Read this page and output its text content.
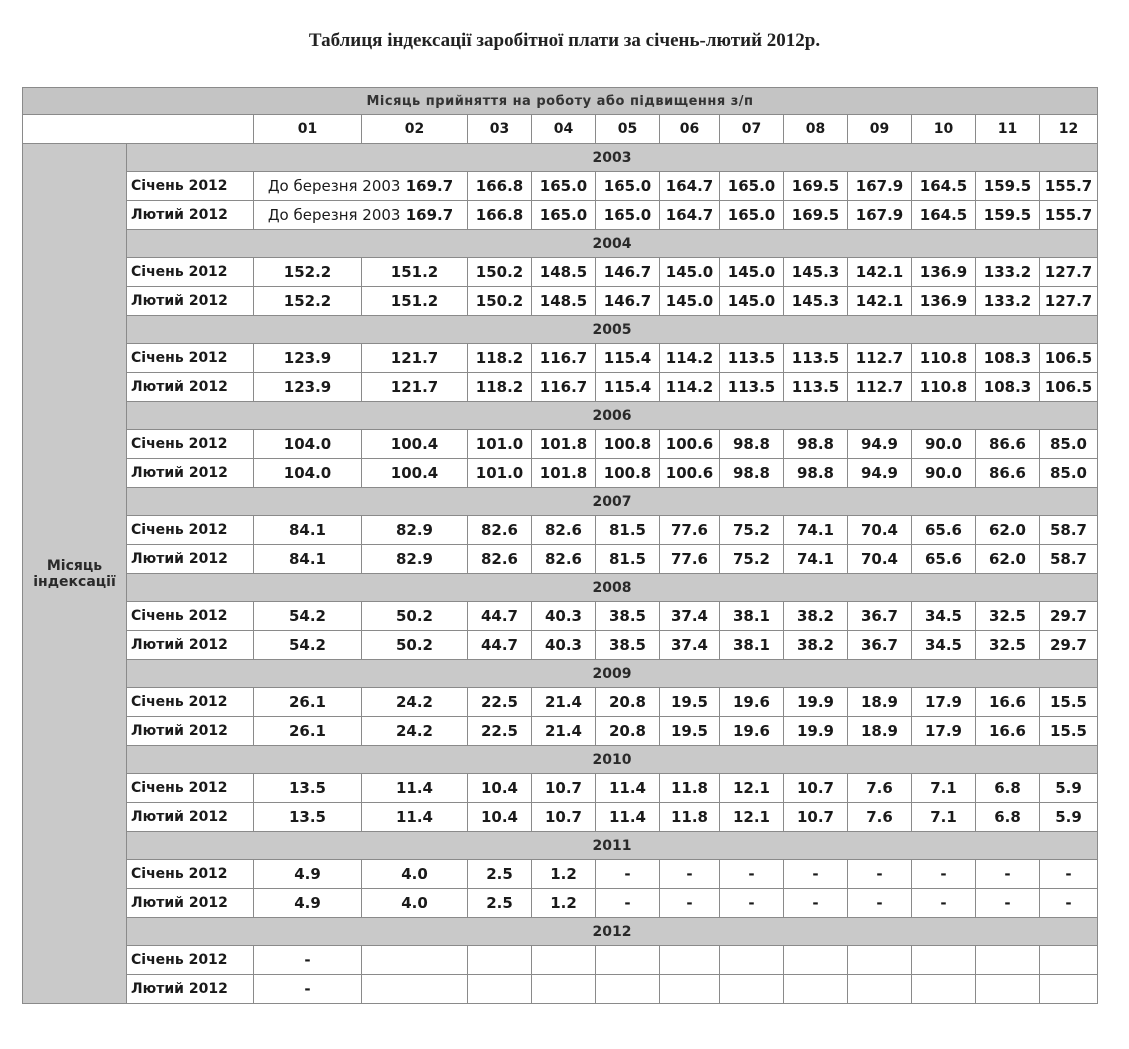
Таблиця індексації заробітної плати за січень-лютий 2012р.
Місяць прийняття на роботу або підвищення з/п													
		01	02	03	04	05	06	07	08	09	10	11	12
Місяць індексації	2003												
	Січень 2012	До березня 2003 169.7		166.8	165.0	165.0	164.7	165.0	169.5	167.9	164.5	159.5	155.7
	Лютий 2012	До березня 2003 169.7		166.8	165.0	165.0	164.7	165.0	169.5	167.9	164.5	159.5	155.7
	2004												
	Січень 2012	152.2	151.2	150.2	148.5	146.7	145.0	145.0	145.3	142.1	136.9	133.2	127.7
	Лютий 2012	152.2	151.2	150.2	148.5	146.7	145.0	145.0	145.3	142.1	136.9	133.2	127.7
	2005												
	Січень 2012	123.9	121.7	118.2	116.7	115.4	114.2	113.5	113.5	112.7	110.8	108.3	106.5
	Лютий 2012	123.9	121.7	118.2	116.7	115.4	114.2	113.5	113.5	112.7	110.8	108.3	106.5
	2006												
	Січень 2012	104.0	100.4	101.0	101.8	100.8	100.6	98.8	98.8	94.9	90.0	86.6	85.0
	Лютий 2012	104.0	100.4	101.0	101.8	100.8	100.6	98.8	98.8	94.9	90.0	86.6	85.0
	2007												
	Січень 2012	84.1	82.9	82.6	82.6	81.5	77.6	75.2	74.1	70.4	65.6	62.0	58.7
	Лютий 2012	84.1	82.9	82.6	82.6	81.5	77.6	75.2	74.1	70.4	65.6	62.0	58.7
	2008												
	Січень 2012	54.2	50.2	44.7	40.3	38.5	37.4	38.1	38.2	36.7	34.5	32.5	29.7
	Лютий 2012	54.2	50.2	44.7	40.3	38.5	37.4	38.1	38.2	36.7	34.5	32.5	29.7
	2009												
	Січень 2012	26.1	24.2	22.5	21.4	20.8	19.5	19.6	19.9	18.9	17.9	16.6	15.5
	Лютий 2012	26.1	24.2	22.5	21.4	20.8	19.5	19.6	19.9	18.9	17.9	16.6	15.5
	2010												
	Січень 2012	13.5	11.4	10.4	10.7	11.4	11.8	12.1	10.7	7.6	7.1	6.8	5.9
	Лютий 2012	13.5	11.4	10.4	10.7	11.4	11.8	12.1	10.7	7.6	7.1	6.8	5.9
	2011												
	Січень 2012	4.9	4.0	2.5	1.2	-	-	-	-	-	-	-	-
	Лютий 2012	4.9	4.0	2.5	1.2	-	-	-	-	-	-	-	-
	2012												
	Січень 2012	-											
	Лютий 2012	-											
